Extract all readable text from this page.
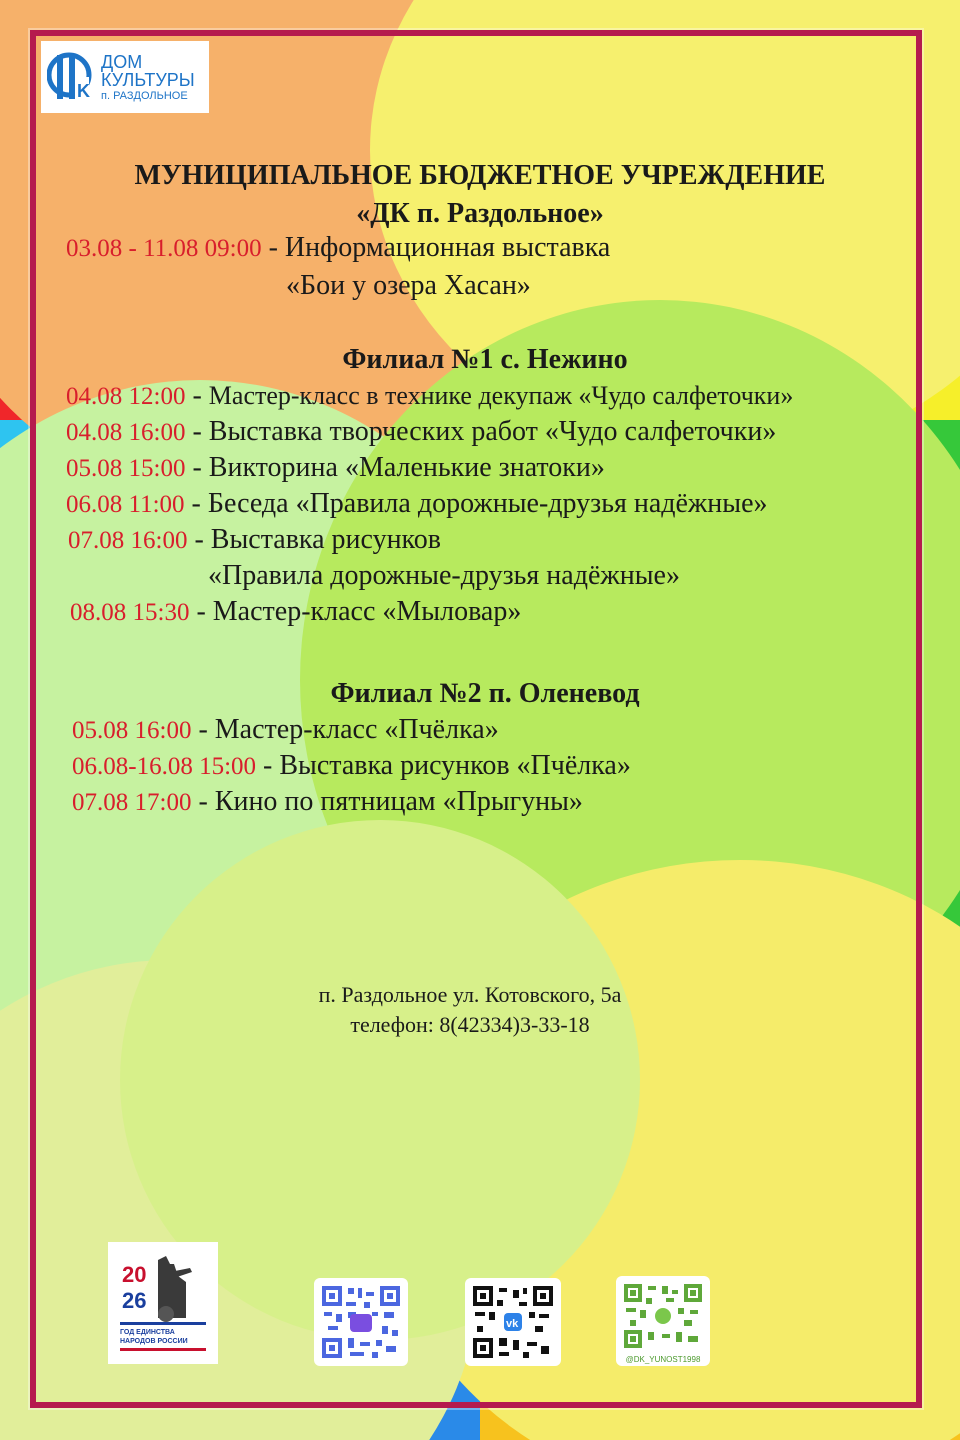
K
ДОМ
КУЛЬТУРЫ
п. РАЗДОЛЬНОЕ
МУНИЦИПАЛЬНОЕ БЮДЖЕТНОЕ УЧРЕЖДЕНИЕ
«ДК п. Раздольное»
03.08 - 11.08 09:00 - Информационная выставка
«Бои у озера Хасан»
Филиал №1 с. Нежино
04.08 12:00 - Мастер-класс в технике декупаж «Чудо салфеточки»
04.08 16:00 - Выставка творческих работ «Чудо салфеточки»
05.08 15:00 - Викторина «Маленькие знатоки»
06.08 11:00 - Беседа «Правила дорожные-друзья надёжные»
07.08 16:00 - Выставка рисунков
«Правила дорожные-друзья надёжные»
08.08 15:30 - Мастер-класс «Мыловар»
Филиал №2 п. Оленевод
05.08 16:00 - Мастер-класс «Пчёлка»
06.08-16.08 15:00 - Выставка рисунков «Пчёлка»
07.08 17:00 - Кино по пятницам «Прыгуны»
п. Раздольное ул. Котовского, 5а
телефон: 8(42334)3-33-18
20
26
ГОД ЕДИНСТВА
НАРОДОВ РОССИИ
vk
@DK_YUNOST1998
